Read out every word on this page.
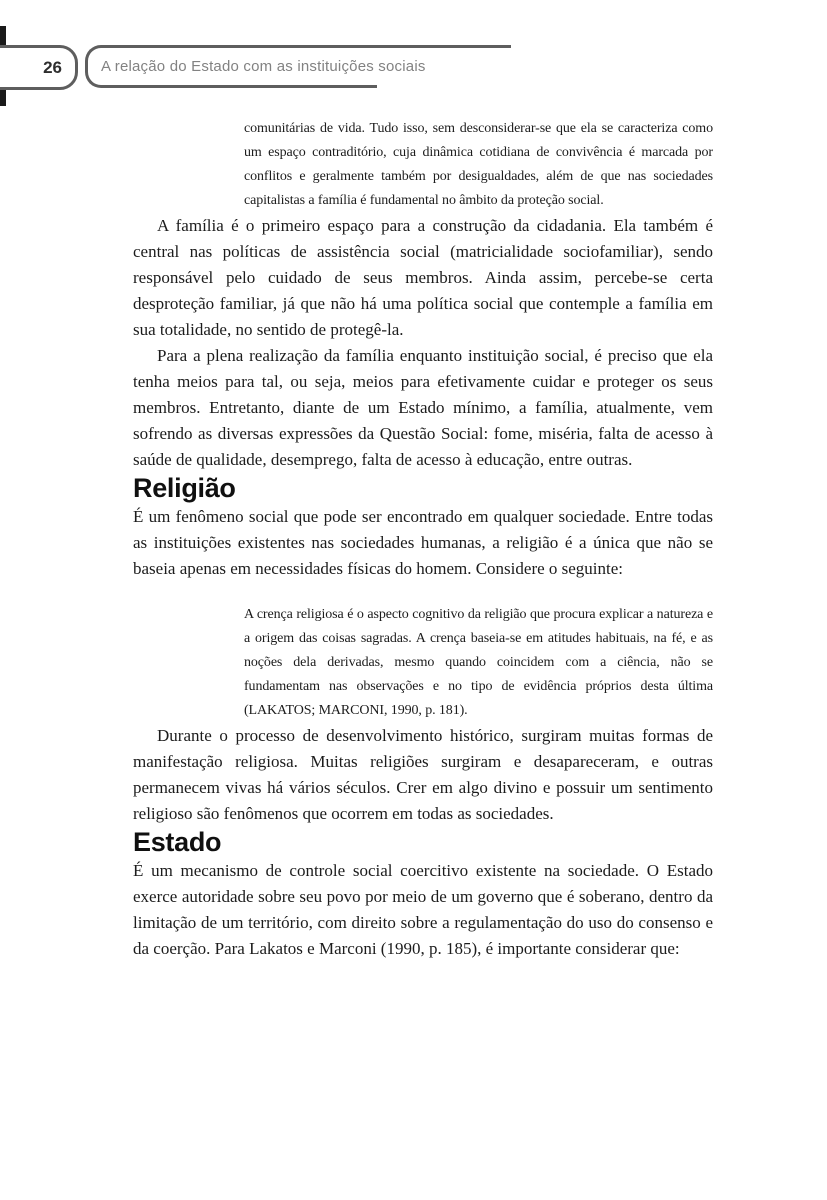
26	A relação do Estado com as instituições sociais
comunitárias de vida. Tudo isso, sem desconsiderar-se que ela se caracteriza como um espaço contraditório, cuja dinâmica cotidiana de convivência é marcada por conflitos e geralmente também por desigualdades, além de que nas sociedades capitalistas a família é fundamental no âmbito da proteção social.

A família é o primeiro espaço para a construção da cidadania. Ela também é central nas políticas de assistência social (matricialidade sociofamiliar), sendo responsável pelo cuidado de seus membros. Ainda assim, percebe-se certa desproteção familiar, já que não há uma política social que contemple a família em sua totalidade, no sentido de protegê-la.

Para a plena realização da família enquanto instituição social, é preciso que ela tenha meios para tal, ou seja, meios para efetivamente cuidar e proteger os seus membros. Entretanto, diante de um Estado mínimo, a família, atualmente, vem sofrendo as diversas expressões da Questão Social: fome, miséria, falta de acesso à saúde de qualidade, desemprego, falta de acesso à educação, entre outras.

Religião

É um fenômeno social que pode ser encontrado em qualquer sociedade. Entre todas as instituições existentes nas sociedades humanas, a religião é a única que não se baseia apenas em necessidades físicas do homem. Considere o seguinte:

A crença religiosa é o aspecto cognitivo da religião que procura explicar a natureza e a origem das coisas sagradas. A crença baseia-se em atitudes habituais, na fé, e as noções dela derivadas, mesmo quando coincidem com a ciência, não se fundamentam nas observações e no tipo de evidência próprios desta última (LAKATOS; MARCONI, 1990, p. 181).

Durante o processo de desenvolvimento histórico, surgiram muitas formas de manifestação religiosa. Muitas religiões surgiram e desapareceram, e outras permanecem vivas há vários séculos. Crer em algo divino e possuir um sentimento religioso são fenômenos que ocorrem em todas as sociedades.

Estado

É um mecanismo de controle social coercitivo existente na sociedade. O Estado exerce autoridade sobre seu povo por meio de um governo que é soberano, dentro da limitação de um território, com direito sobre a regulamentação do uso do consenso e da coerção. Para Lakatos e Marconi (1990, p. 185), é importante considerar que:
